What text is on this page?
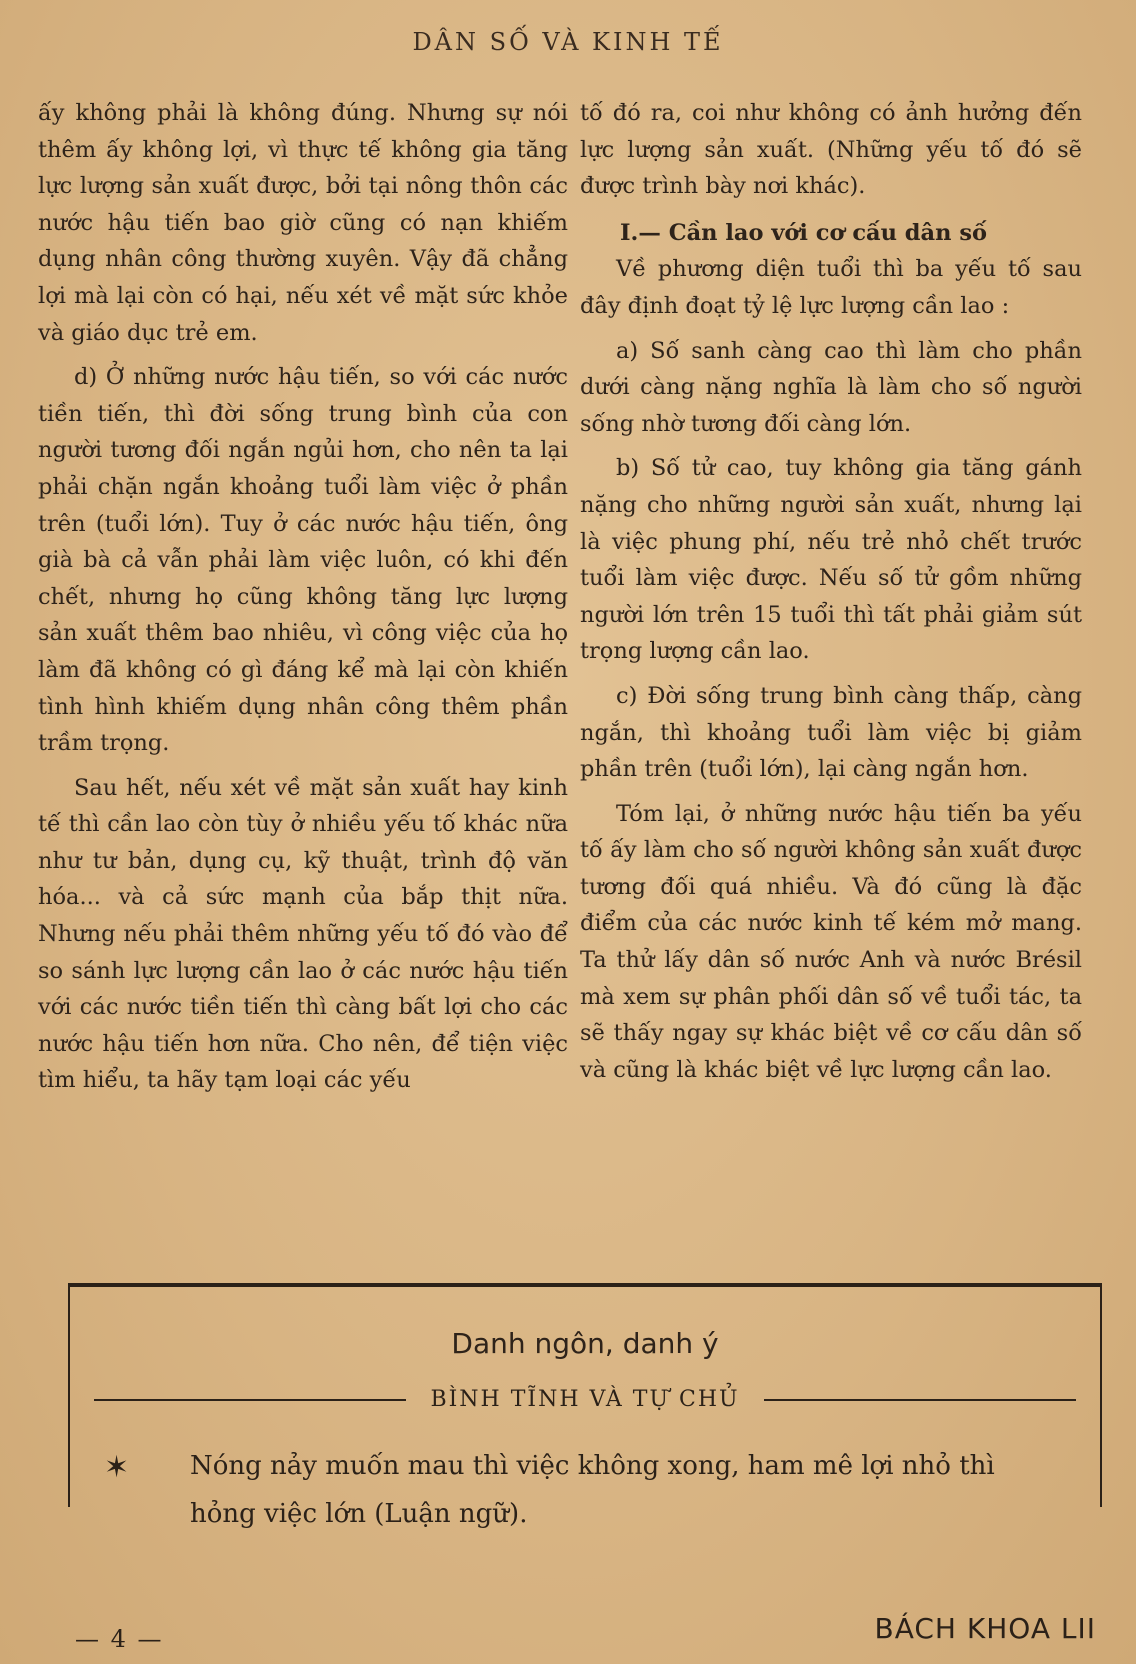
DÂN SỐ VÀ KINH TẾ

ấy không phải là không đúng. Nhưng sự nói thêm ấy không lợi, vì thực tế không gia tăng lực lượng sản xuất được, bởi tại nông thôn các nước hậu tiến bao giờ cũng có nạn khiếm dụng nhân công thường xuyên. Vậy đã chẳng lợi mà lại còn có hại, nếu xét về mặt sức khỏe và giáo dục trẻ em.

d) Ở những nước hậu tiến, so với các nước tiền tiến, thì đời sống trung bình của con người tương đối ngắn ngủi hơn, cho nên ta lại phải chặn ngắn khoảng tuổi làm việc ở phần trên (tuổi lớn). Tuy ở các nước hậu tiến, ông già bà cả vẫn phải làm việc luôn, có khi đến chết, nhưng họ cũng không tăng lực lượng sản xuất thêm bao nhiêu, vì công việc của họ làm đã không có gì đáng kể mà lại còn khiến tình hình khiếm dụng nhân công thêm phần trầm trọng.

Sau hết, nếu xét về mặt sản xuất hay kinh tế thì cần lao còn tùy ở nhiều yếu tố khác nữa như tư bản, dụng cụ, kỹ thuật, trình độ văn hóa... và cả sức mạnh của bắp thịt nữa. Nhưng nếu phải thêm những yếu tố đó vào để so sánh lực lượng cần lao ở các nước hậu tiến với các nước tiền tiến thì càng bất lợi cho các nước hậu tiến hơn nữa. Cho nên, để tiện việc tìm hiểu, ta hãy tạm loại các yếu

tố đó ra, coi như không có ảnh hưởng đến lực lượng sản xuất. (Những yếu tố đó sẽ được trình bày nơi khác).

I.— Cần lao với cơ cấu dân số

Về phương diện tuổi thì ba yếu tố sau đây định đoạt tỷ lệ lực lượng cần lao :

a) Số sanh càng cao thì làm cho phần dưới càng nặng nghĩa là làm cho số người sống nhờ tương đối càng lớn.

b) Số tử cao, tuy không gia tăng gánh nặng cho những người sản xuất, nhưng lại là việc phung phí, nếu trẻ nhỏ chết trước tuổi làm việc được. Nếu số tử gồm những người lớn trên 15 tuổi thì tất phải giảm sút trọng lượng cần lao.

c) Đời sống trung bình càng thấp, càng ngắn, thì khoảng tuổi làm việc bị giảm phần trên (tuổi lớn), lại càng ngắn hơn.

Tóm lại, ở những nước hậu tiến ba yếu tố ấy làm cho số người không sản xuất được tương đối quá nhiều. Và đó cũng là đặc điểm của các nước kinh tế kém mở mang. Ta thử lấy dân số nước Anh và nước Brésil mà xem sự phân phối dân số về tuổi tác, ta sẽ thấy ngay sự khác biệt về cơ cấu dân số và cũng là khác biệt về lực lượng cần lao.

Danh ngôn, danh ý
BÌNH TĨNH VÀ TỰ CHỦ
✶ Nóng nảy muốn mau thì việc không xong, ham mê lợi nhỏ thì hỏng việc lớn (Luận ngữ).
— 4 —	BÁCH KHOA LII
